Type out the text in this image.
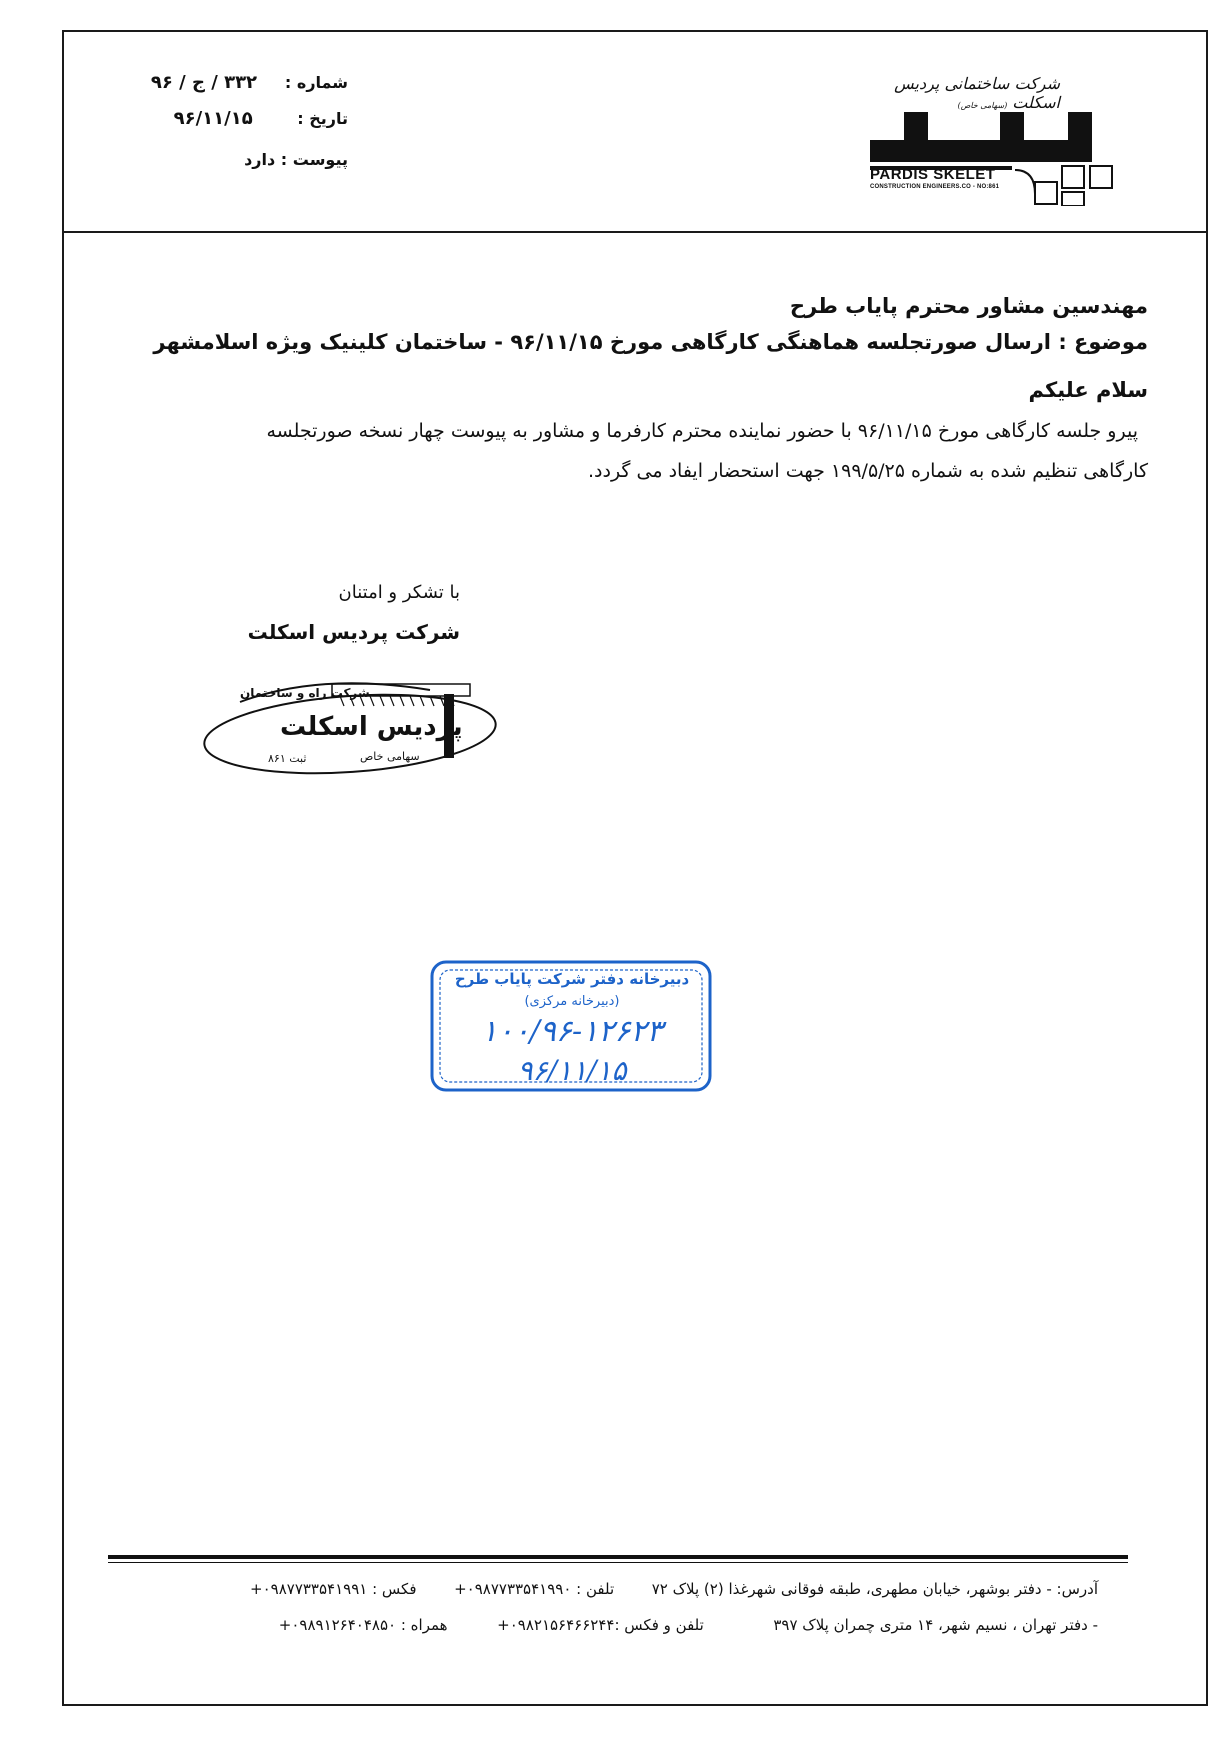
شماره :     ۳۳۲ / ج / ۹۶
تاریخ :        ۹۶/۱۱/۱۵
پیوست : دارد
شرکت ساختمانی پردیس اسکلت (سهامی خاص)
PARDIS SKELET
CONSTRUCTION ENGINEERS.CO - NO:861
مهندسین مشاور محترم پایاب طرح
موضوع : ارسال صورتجلسه هماهنگی کارگاهی مورخ ۹۶/۱۱/۱۵ - ساختمان کلینیک ویژه اسلامشهر
سلام علیکم
پیرو جلسه کارگاهی مورخ ۹۶/۱۱/۱۵ با حضور نماینده محترم کارفرما و مشاور به پیوست چهار نسخه صورتجلسه
کارگاهی تنظیم شده به شماره ۱۹۹/۵/۲۵ جهت استحضار ایفاد می گردد.
با تشکر و امتنان
شرکت پردیس اسکلت
شرکت راه و ساختمان
پردیس اسکلت
سهامی خاص
ثبت ۸۶۱
دبیرخانه دفتر شرکت پایاب طرح
(دبیرخانه مرکزی)
۱۰۰/۹۶-۱۲۶۲۳
۹۶/۱۱/۱۵
آدرس: - دفتر بوشهر، خیابان مطهری، طبقه فوقانی شهرغذا (۲) پلاک ۷۲  تلفن : ۰۹۸۷۷۳۳۵۴۱۹۹۰+  فکس : ۰۹۸۷۷۳۳۵۴۱۹۹۱+
- دفتر تهران ، نسیم شهر، ۱۴ متری چمران پلاک ۳۹۷  تلفن و فکس :۰۹۸۲۱۵۶۴۶۶۲۴۴+  همراه : ۰۹۸۹۱۲۶۴۰۴۸۵۰+
